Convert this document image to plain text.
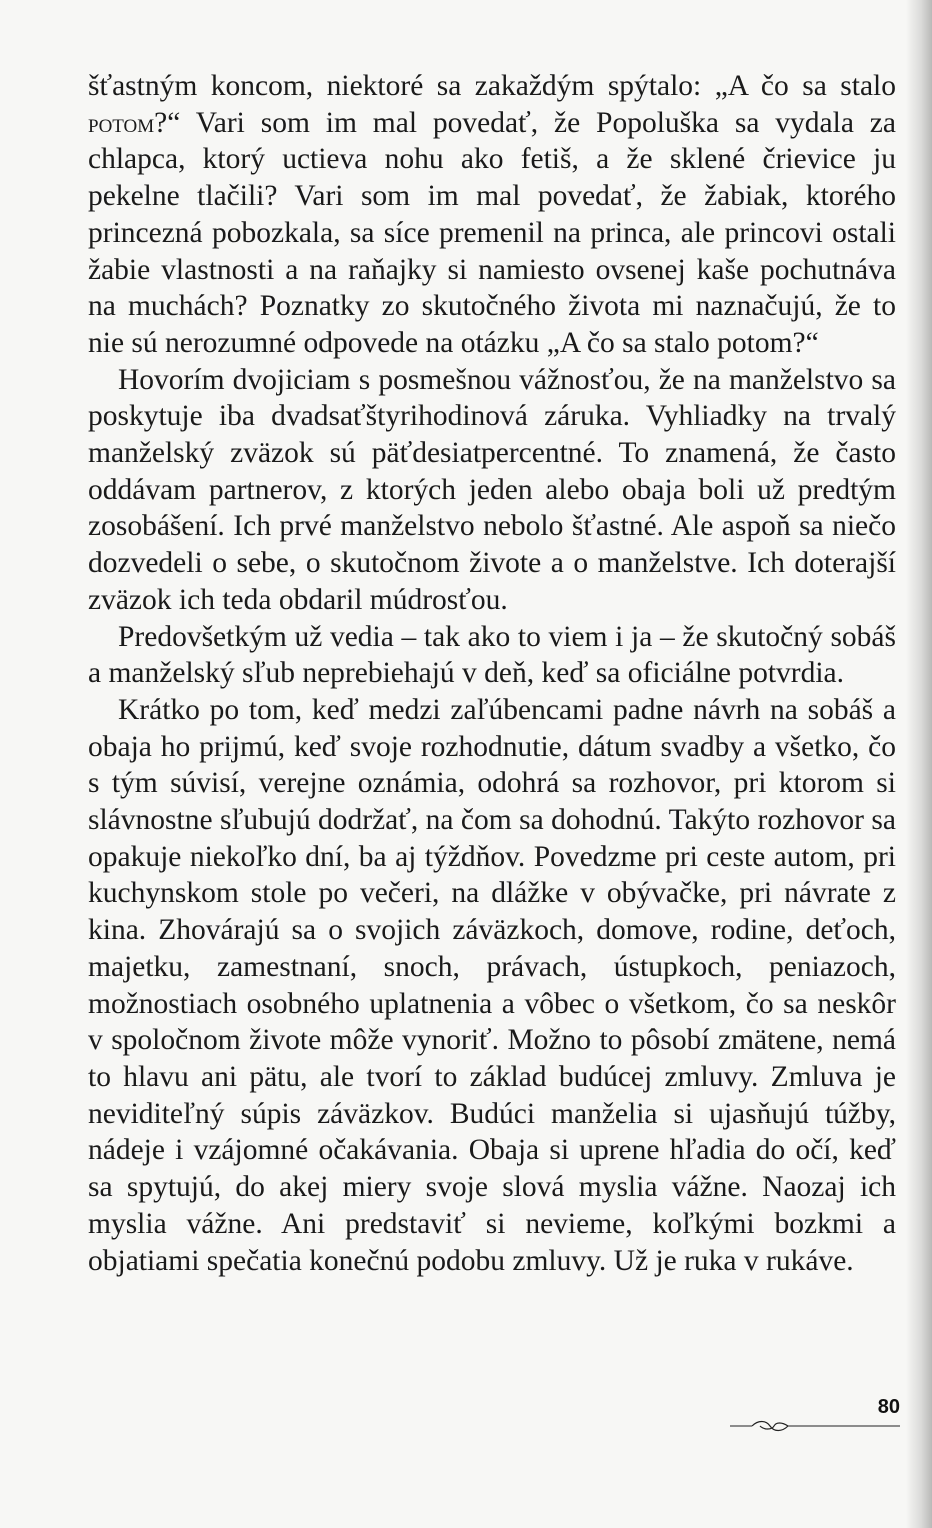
šťastným koncom, niektoré sa zakaždým spýtalo: „A čo sa stalo potom?“ Vari som im mal povedať, že Popoluška sa vydala za chlapca, ktorý uctieva nohu ako fetiš, a že sklené črievice ju pekelne tlačili? Vari som im mal povedať, že žabiak, ktorého princezná pobozkala, sa síce premenil na princa, ale princovi ostali žabie vlastnosti a na raňajky si namiesto ovsenej kaše pochutnáva na muchách? Poznatky zo skutočného života mi naznačujú, že to nie sú nerozumné odpovede na otázku „A čo sa stalo potom?“

Hovorím dvojiciam s posmešnou vážnosťou, že na manželstvo sa poskytuje iba dvadsaťštyrihodinová záruka. Vyhliadky na trvalý manželský zväzok sú päťdesiatpercentné. To znamená, že často oddávam partnerov, z ktorých jeden alebo obaja boli už predtým zosobášení. Ich prvé manželstvo nebolo šťastné. Ale aspoň sa niečo dozvedeli o sebe, o skutočnom živote a o manželstve. Ich doterajší zväzok ich teda obdaril múdrosťou.

Predovšetkým už vedia – tak ako to viem i ja – že skutočný sobáš a manželský sľub neprebiehajú v deň, keď sa oficiálne potvrdia.

Krátko po tom, keď medzi zaľúbencami padne návrh na sobáš a obaja ho prijmú, keď svoje rozhodnutie, dátum svadby a všetko, čo s tým súvisí, verejne oznámia, odohrá sa rozhovor, pri ktorom si slávnostne sľubujú dodržať, na čom sa dohodnú. Takýto rozhovor sa opakuje niekoľko dní, ba aj týždňov. Povedzme pri ceste autom, pri kuchynskom stole po večeri, na dlážke v obývačke, pri návrate z kina. Zhovárajú sa o svojich záväzkoch, domove, rodine, deťoch, majetku, zamestnaní, snoch, právach, ústupkoch, peniazoch, možnostiach osobného uplatnenia a vôbec o všetkom, čo sa neskôr v spoločnom živote môže vynoriť. Možno to pôsobí zmätene, nemá to hlavu ani pätu, ale tvorí to základ budúcej zmluvy. Zmluva je neviditeľný súpis záväzkov. Budúci manželia si ujasňujú túžby, nádeje i vzájomné očakávania. Obaja si uprene hľadia do očí, keď sa spytujú, do akej miery svoje slová myslia vážne. Naozaj ich myslia vážne. Ani predstaviť si nevieme, koľkými bozkmi a objatiami spečatia konečnú podobu zmluvy. Už je ruka v rukáve.

80
